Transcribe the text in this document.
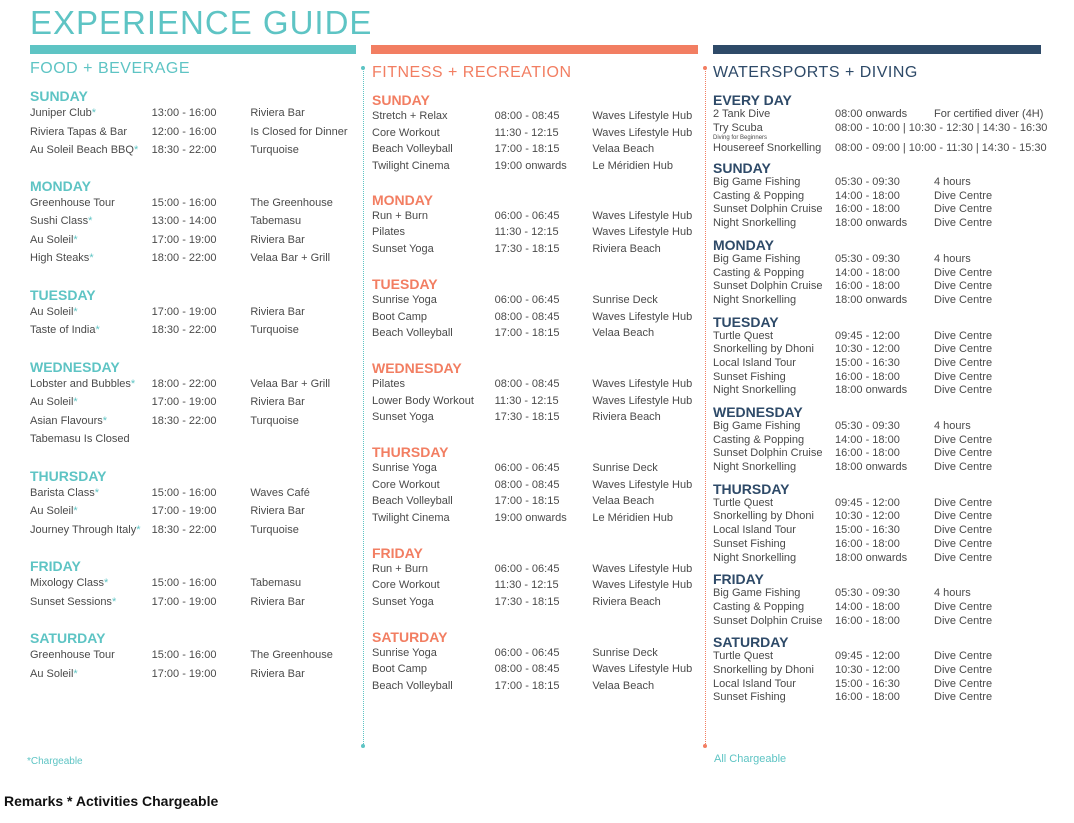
EXPERIENCE GUIDE
FOOD + BEVERAGE
SUNDAY
Juniper Club*	13:00 - 16:00	Riviera Bar
Riviera Tapas & Bar	12:00 - 16:00	Is Closed for Dinner
Au Soleil Beach BBQ*	18:30 - 22:00	Turquoise
MONDAY
Greenhouse Tour	15:00 - 16:00	The Greenhouse
Sushi Class*	13:00 - 14:00	Tabemasu
Au Soleil*	17:00 - 19:00	Riviera Bar
High Steaks*	18:00 - 22:00	Velaa Bar + Grill
TUESDAY
Au Soleil*	17:00 - 19:00	Riviera Bar
Taste of India*	18:30 - 22:00	Turquoise
WEDNESDAY
Lobster and Bubbles*	18:00 - 22:00	Velaa Bar + Grill
Au Soleil*	17:00 - 19:00	Riviera Bar
Asian Flavours*	18:30 - 22:00	Turquoise
Tabemasu Is Closed
THURSDAY
Barista Class*	15:00 - 16:00	Waves Café
Au Soleil*	17:00 - 19:00	Riviera Bar
Journey Through Italy*	18:30 - 22:00	Turquoise
FRIDAY
Mixology Class*	15:00 - 16:00	Tabemasu
Sunset Sessions*	17:00 - 19:00	Riviera Bar
SATURDAY
Greenhouse Tour	15:00 - 16:00	The Greenhouse
Au Soleil*	17:00 - 19:00	Riviera Bar
FITNESS + RECREATION
SUNDAY
Stretch + Relax	08:00 - 08:45	Waves Lifestyle Hub
Core Workout	11:30 - 12:15	Waves Lifestyle Hub
Beach Volleyball	17:00 - 18:15	Velaa Beach
Twilight Cinema	19:00 onwards	Le Méridien Hub
MONDAY
Run + Burn	06:00 - 06:45	Waves Lifestyle Hub
Pilates	11:30 - 12:15	Waves Lifestyle Hub
Sunset Yoga	17:30 - 18:15	Riviera Beach
TUESDAY
Sunrise Yoga	06:00 - 06:45	Sunrise Deck
Boot Camp	08:00 - 08:45	Waves Lifestyle Hub
Beach Volleyball	17:00 - 18:15	Velaa Beach
WEDNESDAY
Pilates	08:00 - 08:45	Waves Lifestyle Hub
Lower Body Workout	11:30 - 12:15	Waves Lifestyle Hub
Sunset Yoga	17:30 - 18:15	Riviera Beach
THURSDAY
Sunrise Yoga	06:00 - 06:45	Sunrise Deck
Core Workout	08:00 - 08:45	Waves Lifestyle Hub
Beach Volleyball	17:00 - 18:15	Velaa Beach
Twilight Cinema	19:00 onwards	Le Méridien Hub
FRIDAY
Run + Burn	06:00 - 06:45	Waves Lifestyle Hub
Core Workout	11:30 - 12:15	Waves Lifestyle Hub
Sunset Yoga	17:30 - 18:15	Riviera Beach
SATURDAY
Sunrise Yoga	06:00 - 06:45	Sunrise Deck
Boot Camp	08:00 - 08:45	Waves Lifestyle Hub
Beach Volleyball	17:00 - 18:15	Velaa Beach
WATERSPORTS + DIVING
EVERY DAY
2 Tank Dive	08:00 onwards	For certified diver (4H)
Try Scuba	08:00 - 10:00 | 10:30 - 12:30 | 14:30 - 16:30
Diving for Beginners
Housereef Snorkelling	08:00 - 09:00 | 10:00 - 11:30 | 14:30 - 15:30
SUNDAY
Big Game Fishing	05:30 - 09:30	4 hours
Casting & Popping	14:00 - 18:00	Dive Centre
Sunset Dolphin Cruise	16:00 - 18:00	Dive Centre
Night Snorkelling	18:00 onwards	Dive Centre
MONDAY
Big Game Fishing	05:30 - 09:30	4 hours
Casting & Popping	14:00 - 18:00	Dive Centre
Sunset Dolphin Cruise	16:00 - 18:00	Dive Centre
Night Snorkelling	18:00 onwards	Dive Centre
TUESDAY
Turtle Quest	09:45 - 12:00	Dive Centre
Snorkelling by Dhoni	10:30 - 12:00	Dive Centre
Local Island Tour	15:00 - 16:30	Dive Centre
Sunset Fishing	16:00 - 18:00	Dive Centre
Night Snorkelling	18:00 onwards	Dive Centre
WEDNESDAY
Big Game Fishing	05:30 - 09:30	4 hours
Casting & Popping	14:00 - 18:00	Dive Centre
Sunset Dolphin Cruise	16:00 - 18:00	Dive Centre
Night Snorkelling	18:00 onwards	Dive Centre
THURSDAY
Turtle Quest	09:45 - 12:00	Dive Centre
Snorkelling by Dhoni	10:30 - 12:00	Dive Centre
Local Island Tour	15:00 - 16:30	Dive Centre
Sunset Fishing	16:00 - 18:00	Dive Centre
Night Snorkelling	18:00 onwards	Dive Centre
FRIDAY
Big Game Fishing	05:30 - 09:30	4 hours
Casting & Popping	14:00 - 18:00	Dive Centre
Sunset Dolphin Cruise	16:00 - 18:00	Dive Centre
SATURDAY
Turtle Quest	09:45 - 12:00	Dive Centre
Snorkelling by Dhoni	10:30 - 12:00	Dive Centre
Local Island Tour	15:00 - 16:30	Dive Centre
Sunset Fishing	16:00 - 18:00	Dive Centre
*Chargeable	All Chargeable
Remarks * Activities Chargeable
